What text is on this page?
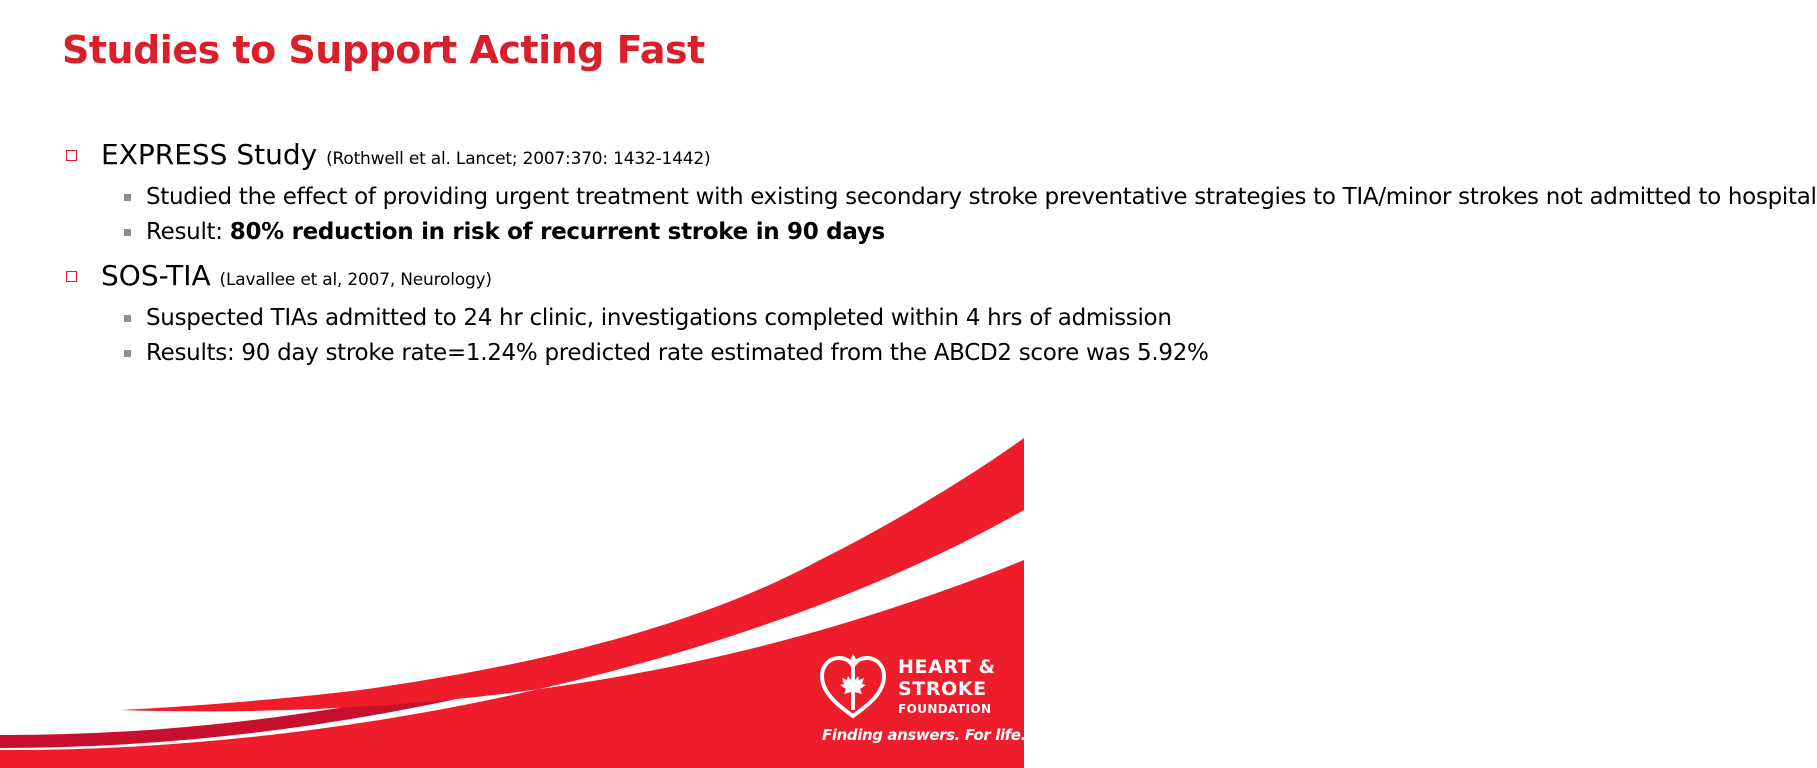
Studies to Support Acting Fast
EXPRESS Study (Rothwell et al. Lancet; 2007:370: 1432-1442)
Studied the effect of providing urgent treatment with existing secondary stroke preventative strategies to TIA/minor strokes not admitted to hospital
Result: 80% reduction in risk of recurrent stroke in 90 days
SOS-TIA (Lavallee et al, 2007, Neurology)
Suspected TIAs admitted to 24 hr clinic, investigations completed within 4 hrs of admission
Results: 90 day stroke rate=1.24% predicted rate estimated from the ABCD2 score was 5.92%
HEART &
STROKE
FOUNDATION
Finding answers. For life.
